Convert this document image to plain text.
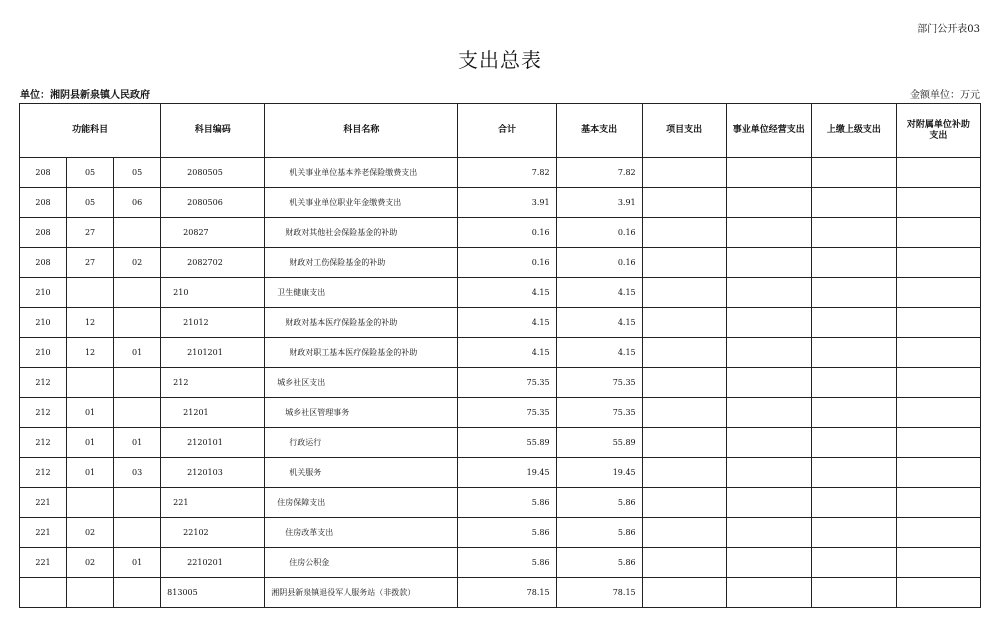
部门公开表03
支出总表
单位：湘阴县新泉镇人民政府	金额单位：万元
功能科目			科目编码	科目名称	合计	基本支出	项目支出	事业单位经营支出	上缴上级支出	对附属单位补助支出
208	05	05	2080505	机关事业单位基本养老保险缴费支出	7.82	7.82				
208	05	06	2080506	机关事业单位职业年金缴费支出	3.91	3.91				
208	27		20827	财政对其他社会保险基金的补助	0.16	0.16				
208	27	02	2082702	财政对工伤保险基金的补助	0.16	0.16				
210			210	卫生健康支出	4.15	4.15				
210	12		21012	财政对基本医疗保险基金的补助	4.15	4.15				
210	12	01	2101201	财政对职工基本医疗保险基金的补助	4.15	4.15				
212			212	城乡社区支出	75.35	75.35				
212	01		21201	城乡社区管理事务	75.35	75.35				
212	01	01	2120101	行政运行	55.89	55.89				
212	01	03	2120103	机关服务	19.45	19.45				
221			221	住房保障支出	5.86	5.86				
221	02		22102	住房改革支出	5.86	5.86				
221	02	01	2210201	住房公积金	5.86	5.86				
			813005	湘阴县新泉镇退役军人服务站（非拨款）	78.15	78.15				
